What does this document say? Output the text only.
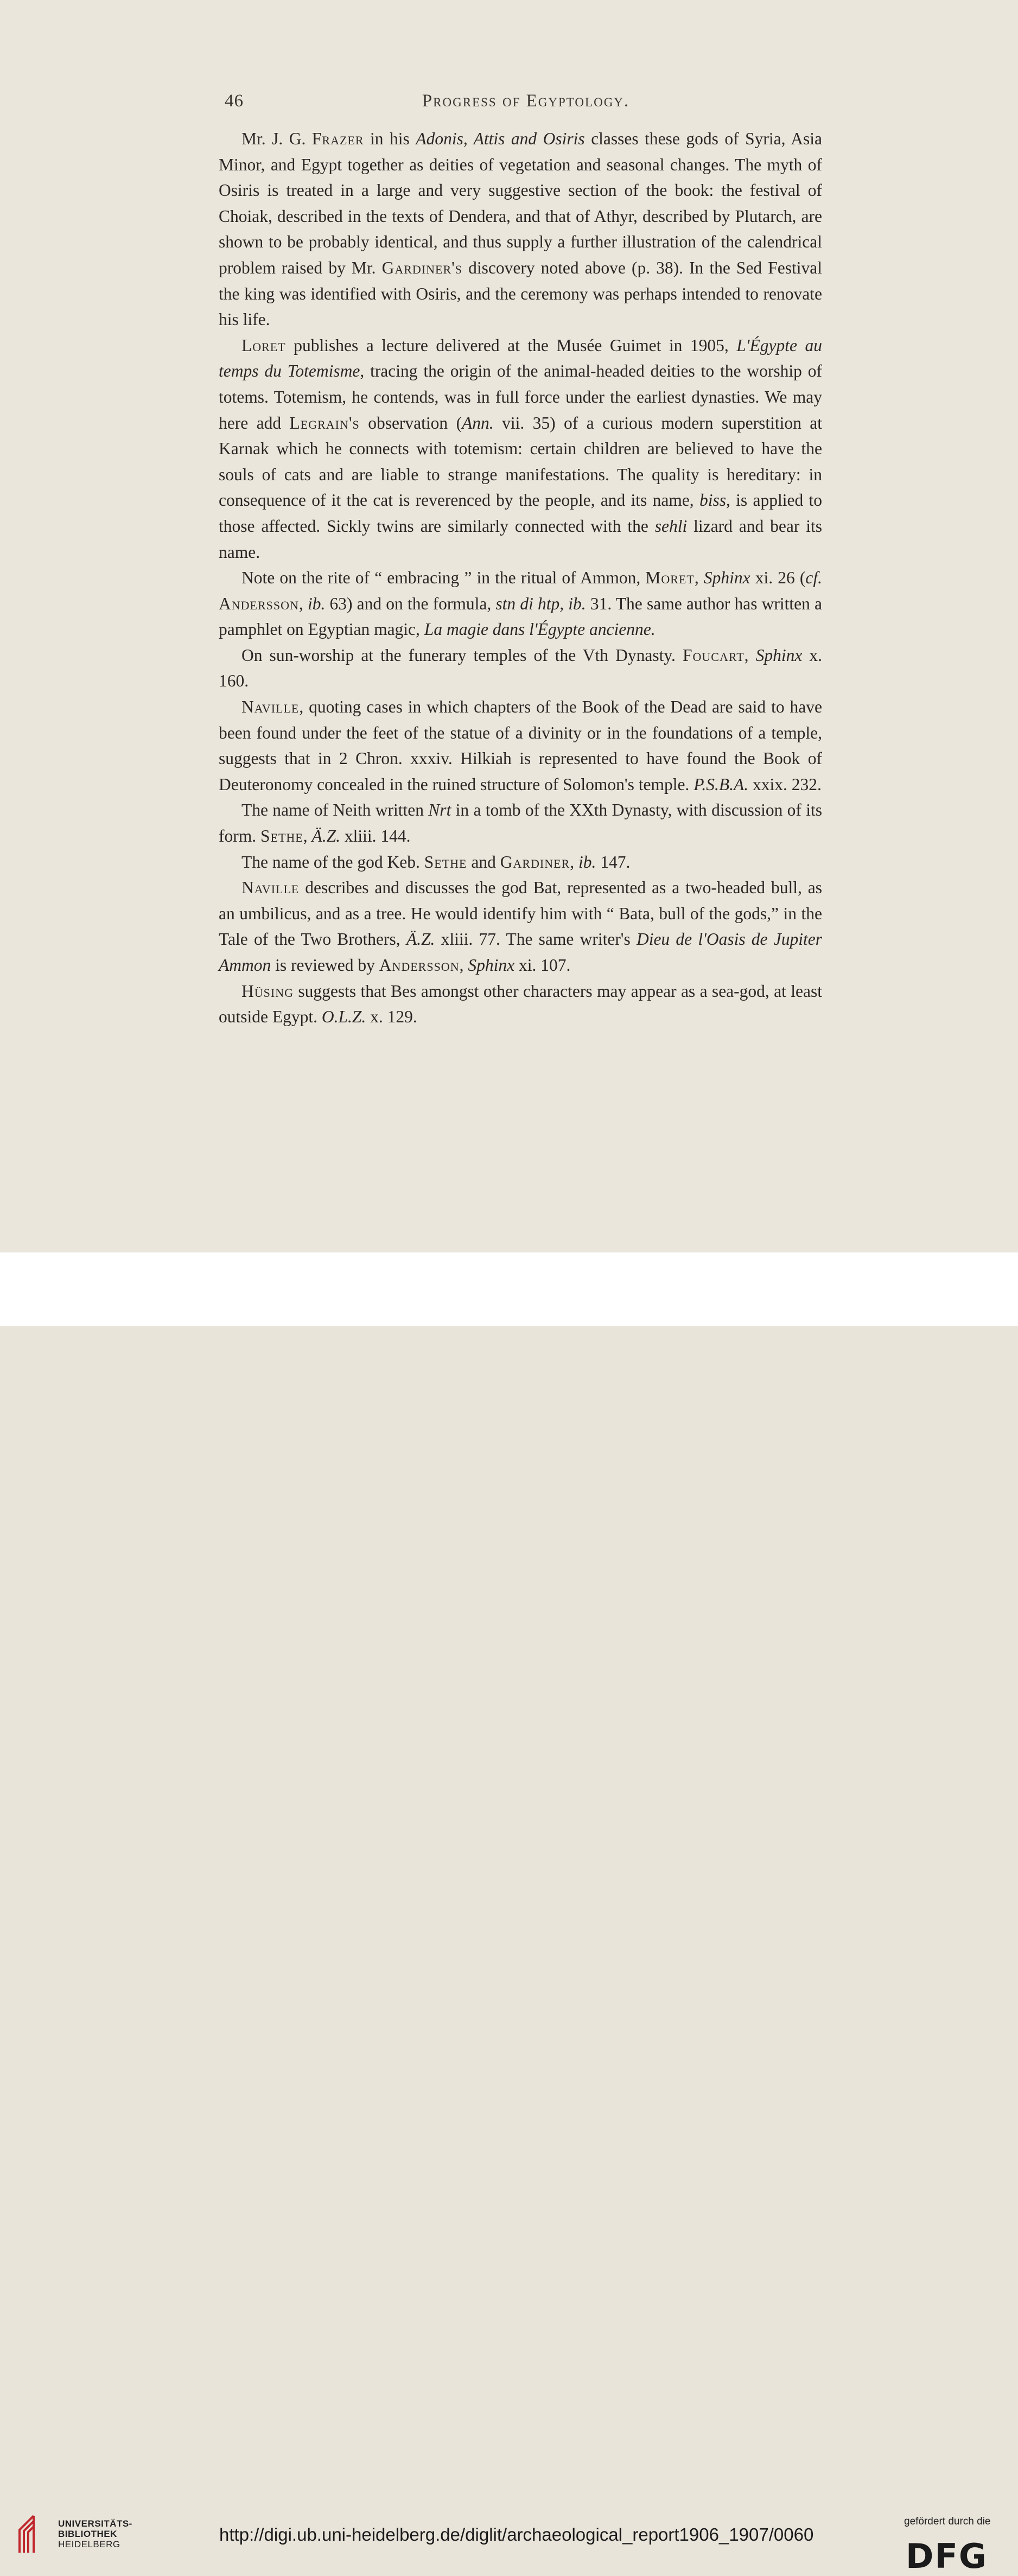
46	Progress of Egyptology.

Mr. J. G. Frazer in his Adonis, Attis and Osiris classes these gods of Syria, Asia Minor, and Egypt together as deities of vegetation and seasonal changes. The myth of Osiris is treated in a large and very suggestive section of the book: the festival of Choiak, described in the texts of Dendera, and that of Athyr, described by Plutarch, are shown to be probably identical, and thus supply a further illustration of the calendrical problem raised by Mr. Gardiner's discovery noted above (p. 38). In the Sed Festival the king was identified with Osiris, and the ceremony was perhaps intended to renovate his life.

Loret publishes a lecture delivered at the Musée Guimet in 1905, L'Égypte au temps du Totemisme, tracing the origin of the animal-headed deities to the worship of totems. Totemism, he contends, was in full force under the earliest dynasties. We may here add Legrain's observation (Ann. vii. 35) of a curious modern superstition at Karnak which he connects with totemism: certain children are believed to have the souls of cats and are liable to strange manifestations. The quality is hereditary: in consequence of it the cat is reverenced by the people, and its name, biss, is applied to those affected. Sickly twins are similarly connected with the sehli lizard and bear its name.

Note on the rite of “ embracing ” in the ritual of Ammon, Moret, Sphinx xi. 26 (cf. Andersson, ib. 63) and on the formula, stn di htp, ib. 31. The same author has written a pamphlet on Egyptian magic, La magie dans l'Égypte ancienne.

On sun-worship at the funerary temples of the Vth Dynasty. Foucart, Sphinx x. 160.

Naville, quoting cases in which chapters of the Book of the Dead are said to have been found under the feet of the statue of a divinity or in the foundations of a temple, suggests that in 2 Chron. xxxiv. Hilkiah is represented to have found the Book of Deuteronomy concealed in the ruined structure of Solomon's temple. P.S.B.A. xxix. 232.

The name of Neith written Nrt in a tomb of the XXth Dynasty, with discussion of its form. Sethe, Ä.Z. xliii. 144.

The name of the god Keb. Sethe and Gardiner, ib. 147.

Naville describes and discusses the god Bat, represented as a two-headed bull, as an umbilicus, and as a tree. He would identify him with “ Bata, bull of the gods,” in the Tale of the Two Brothers, Ä.Z. xliii. 77. The same writer's Dieu de l'Oasis de Jupiter Ammon is reviewed by Andersson, Sphinx xi. 107.

Hüsing suggests that Bes amongst other characters may appear as a sea-god, at least outside Egypt. O.L.Z. x. 129.

UNIVERSITÄTS-
BIBLIOTHEK
HEIDELBERG	http://digi.ub.uni-heidelberg.de/diglit/archaeological_report1906_1907/0060
gefördert durch die
DFG
